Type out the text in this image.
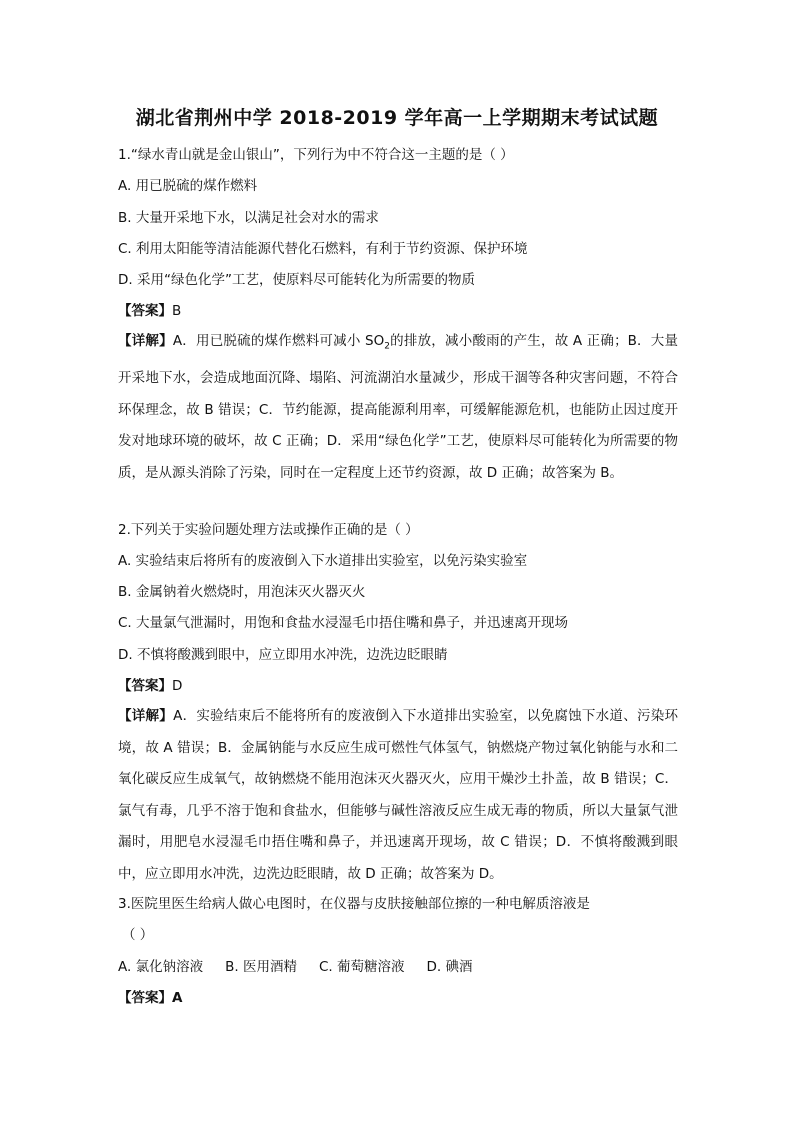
湖北省荆州中学 2018-2019 学年高一上学期期末考试试题
1.“绿水青山就是金山银山”，下列行为中不符合这一主题的是（ ）
A. 用已脱硫的煤作燃料
B. 大量开采地下水，以满足社会对水的需求
C. 利用太阳能等清洁能源代替化石燃料，有利于节约资源、保护环境
D. 采用“绿色化学”工艺，使原料尽可能转化为所需要的物质
【答案】B
【详解】A．用已脱硫的煤作燃料可减小 $SO_2$的排放，减小酸雨的产生，故 A 正确；B．大量开采地下水，会造成地面沉降、塌陷、河流湖泊水量减少，形成干涸等各种灾害问题，不符合环保理念，故 B 错误；C．节约能源，提高能源利用率，可缓解能源危机，也能防止因过度开发对地球环境的破坏，故 C 正确；D．采用“绿色化学”工艺，使原料尽可能转化为所需要的物质，是从源头消除了污染，同时在一定程度上还节约资源，故 D 正确；故答案为 B。
2.下列关于实验问题处理方法或操作正确的是（ ）
A. 实验结束后将所有的废液倒入下水道排出实验室，以免污染实验室
B. 金属钠着火燃烧时，用泡沫灭火器灭火
C. 大量氯气泄漏时，用饱和食盐水浸湿毛巾捂住嘴和鼻子，并迅速离开现场
D. 不慎将酸溅到眼中，应立即用水冲洗，边洗边眨眼睛
【答案】D
【详解】A．实验结束后不能将所有的废液倒入下水道排出实验室，以免腐蚀下水道、污染环境，故 A 错误；B．金属钠能与水反应生成可燃性气体氢气，钠燃烧产物过氧化钠能与水和二氧化碳反应生成氧气，故钠燃烧不能用泡沫灭火器灭火，应用干燥沙土扑盖，故 B 错误；C．氯气有毒，几乎不溶于饱和食盐水，但能够与碱性溶液反应生成无毒的物质，所以大量氯气泄漏时，用肥皂水浸湿毛巾捂住嘴和鼻子，并迅速离开现场，故 C 错误；D．不慎将酸溅到眼中，应立即用水冲洗，边洗边眨眼睛，故 D 正确；故答案为 D。
3.医院里医生给病人做心电图时，在仪器与皮肤接触部位擦的一种电解质溶液是
（ ）
A. 氯化钠溶液 B. 医用酒精 C. 葡萄糖溶液 D. 碘酒
【答案】A
